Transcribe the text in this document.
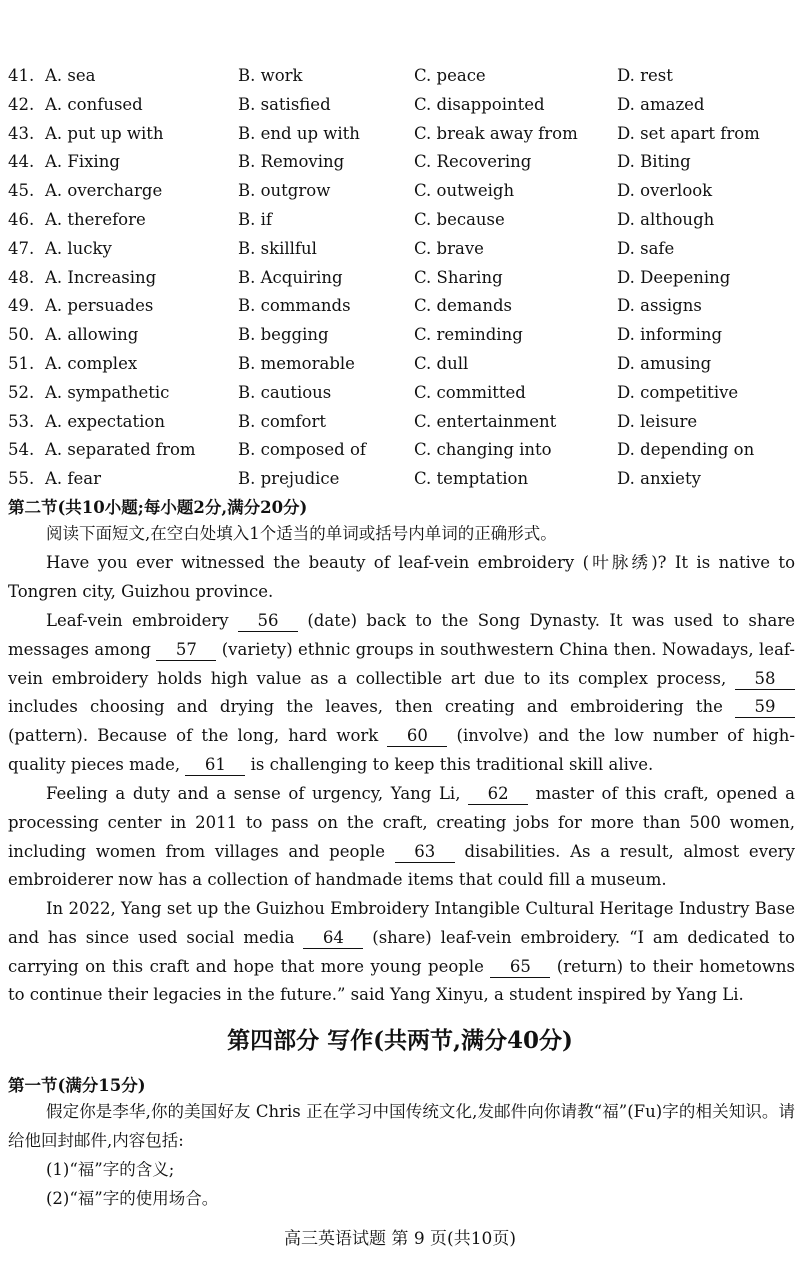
41. A. sea	B. work	C. peace	D. rest
42. A. confused	B. satisfied	C. disappointed	D. amazed
43. A. put up with	B. end up with	C. break away from D. set apart from
44. A. Fixing	B. Removing	C. Recovering	D. Biting
45. A. overcharge	B. outgrow	C. outweigh	D. overlook
46. A. therefore	B. if	C. because	D. although
47. A. lucky	B. skillful	C. brave	D. safe
48. A. Increasing	B. Acquiring	C. Sharing	D. Deepening
49. A. persuades	B. commands	C. demands	D. assigns
50. A. allowing	B. begging	C. reminding	D. informing
51. A. complex	B. memorable	C. dull	D. amusing
52. A. sympathetic	B. cautious	C. committed	D. competitive
53. A. expectation	B. comfort	C. entertainment	D. leisure
54. A. separated from	B. composed of	C. changing into	D. depending on
55. A. fear	B. prejudice	C. temptation	D. anxiety
第二节(共10小题;每小题2分,满分20分)
阅读下面短文,在空白处填入1个适当的单词或括号内单词的正确形式。
Have you ever witnessed the beauty of leaf-vein embroidery (叶脉绣)? It is native to Tongren city, Guizhou province.
Leaf-vein embroidery 56 (date) back to the Song Dynasty. It was used to share messages among 57 (variety) ethnic groups in southwestern China then. Nowadays, leaf-vein embroidery holds high value as a collectible art due to its complex process, 58 includes choosing and drying the leaves, then creating and embroidering the 59 (pattern). Because of the long, hard work 60 (involve) and the low number of high-quality pieces made, 61 is challenging to keep this traditional skill alive.
Feeling a duty and a sense of urgency, Yang Li, 62 master of this craft, opened a processing center in 2011 to pass on the craft, creating jobs for more than 500 women, including women from villages and people 63 disabilities. As a result, almost every embroiderer now has a collection of handmade items that could fill a museum.
In 2022, Yang set up the Guizhou Embroidery Intangible Cultural Heritage Industry Base and has since used social media 64 (share) leaf-vein embroidery. “I am dedicated to carrying on this craft and hope that more young people 65 (return) to their hometowns to continue their legacies in the future.” said Yang Xinyu, a student inspired by Yang Li.
第四部分 写作(共两节,满分40分)
第一节(满分15分)
假定你是李华,你的美国好友 Chris 正在学习中国传统文化,发邮件向你请教“福”(Fu)字的相关知识。请给他回封邮件,内容包括:
(1)“福”字的含义;
(2)“福”字的使用场合。
高三英语试题 第 9 页(共10页)
